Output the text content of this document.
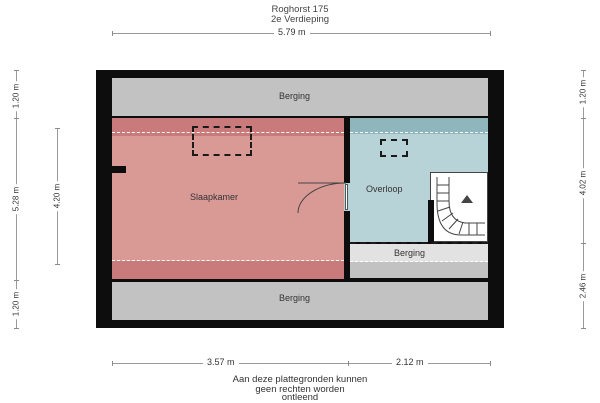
Roghorst 175
2e Verdieping
5.79 m
Berging
Slaapkamer
Overloop
Berging
Berging
1.20 m
5.28 m
1.20 m
4.20 m
1.20 m
4.02 m
2.46 m
3.57 m	2.12 m
Aan deze plattegronden kunnen
geen rechten worden
ontleend
